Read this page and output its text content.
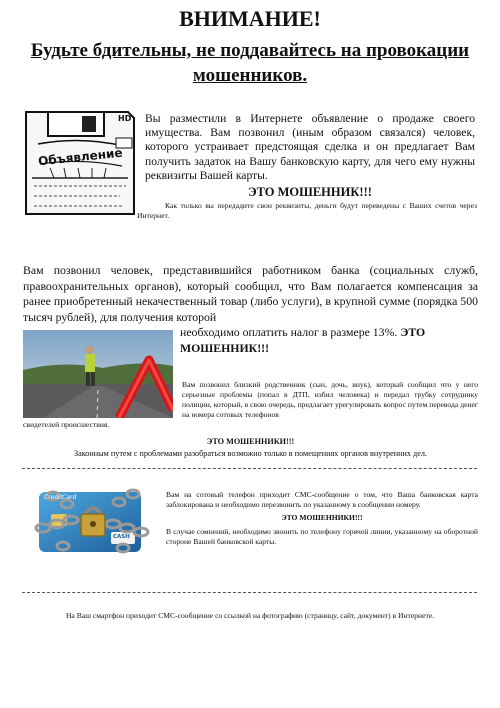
ВНИМАНИЕ!
Будьте бдительны, не поддавайтесь на провокации мошенников.
Объявление
HD Вы разместили в Интернете объявление о продаже своего имущества. Вам позвонил (иным образом связался) человек, которого устраивает предстоящая сделка и он предлагает Вам получить задаток на Вашу банковскую карту, для чего ему нужны реквизиты Вашей карты.
ЭТО МОШЕННИК!!!
Как только вы передадите свои реквизиты, деньги будут переведены с Ваших счетов через Интернет.
Вам позвонил человек, представившийся работником банка (социальных служб, правоохранительных органов), который сообщил, что Вам полагается компенсация за ранее приобретенный некачественный товар (либо услуги), в крупной сумме (порядка 500 тысяч рублей), для получения которой
необходимо оплатить налог в размере 13%. ЭТО МОШЕННИК!!!
Вам позвонил близкий родственник (сын, дочь, внук), который сообщил что у него серьезные проблемы (попал в ДТП, избил человека) и передал трубку сотруднику полиции, который, в свою очередь, предлагает урегулировать вопрос путем перевода денег на номера сотовых телефонов
свидетелей происшествия.
ЭТО МОШЕННИКИ!!!
Законным путем с проблемами разобраться возможно только в помещениях органов внутренних дел.
CreditCard
CASH
Вам на сотовый телефон приходит СМС-сообщение о том, что Ваша банковская карта заблокирована и необходимо перезвонить по указанному в сообщении номеру.
ЭТО МОШЕННИКИ!!!
В случае сомнений, необходимо звонить по телефону горячей линии, указанному на оборотной стороне Вашей банковской карты.
На Ваш смартфон приходит СМС-сообщение со ссылкой на фотографию (страницу, сайт, документ) в Интернете.
